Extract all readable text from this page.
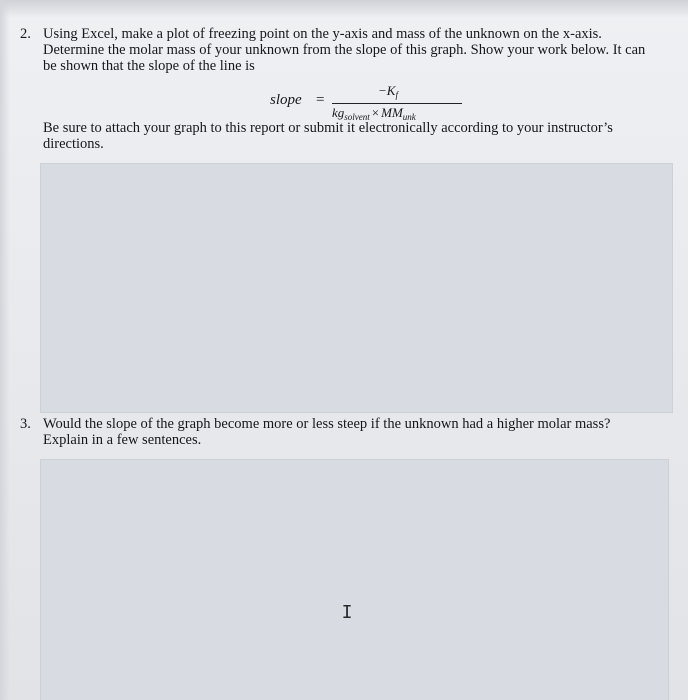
2. Using Excel, make a plot of freezing point on the y-axis and mass of the unknown on the x-axis.
Determine the molar mass of your unknown from the slope of this graph. Show your work below. It can
be shown that the slope of the line is
Be sure to attach your graph to this report or submit it electronically according to your instructor’s
directions.
slope =
$-K_f$
$kg_{solvent} \times MM_{unk}$
3. Would the slope of the graph become more or less steep if the unknown had a higher molar mass?
Explain in a few sentences.
I
